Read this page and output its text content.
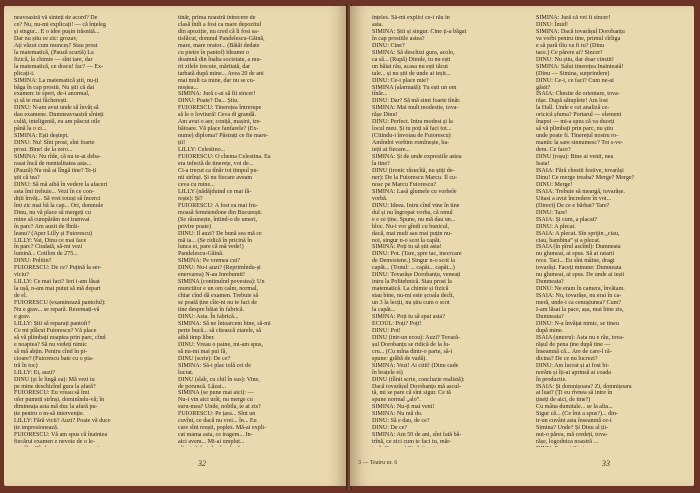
neavoastră vă sînteți de acord? De

ce? Nu, nu-mi explicați! — că înțeleg

și singur... E o idee pușin trăsnită...

Dar nu știu ce zic: grozav,

Ați văzut cum munceș? Stau prost

la matematică, (Pauză scurtă) La

fizică, la chimie — sînt tare, dar

la matematică, ce dracu! fac? — Ex-

plicați-i.

SIMINA: La matematică știi, nu-ți

băga în cap prostii. Nu știi că dai

examen: te speri, de-i anormal,

și să te mai făcherești.

DINU: N-am avut unde să învăț să

dau examene. Dumneavoastră sînteți

cultă, inteligentă, eu am păscut oile

până la o zi...

SIMINA: Ești deștept.

DINU: Nu! Sînt prost, sînt foarte

prost. Bine! de la zero...

SIMINA: Nu rîde, că nu te-ai deba-

rasat încă de mentalitatea asta...

(Pauză) Nu mă ai lîngă tine? Te-ți

știi că tea?

DINU: Să mă aibă în vedere la afaceri

asta îmi trebuie... Vezi în ce con-

diții învăț... Să vrei totuși să încerci

îmi zic mai bă la cap... Ori, domnule

Dinu, nu vă place să mergeți cu

mine să cumpărăm noi tramvai

în parc? Am auzit de Ibrăi-

leanu? (Aper Lilly și Fuiorescu)

LILLY: Vai, Dinu ce mai face

în parc? Ciudată, să-mi vezi

lumină... Cotilon de 275...

DINU: Politin?

FUIORESCU: De ce? Puțină la ser-

viciu?

LILLY: Ce mai faci? Ieri i-am lăsat

la ușă, n-am mai putut să mă depart

de el.

FUIORESCU (examinează pantoful):

Nu e grav... se repară. Rezemați-vă

e grav.

LILLY: Știi să reparați pantofi?

Ce mi plăcut Fuiorescu? Vă place

să vă plimbați noaptea prin parc, cînd

e noaptea? Să nu vedeți nimic

să mă abțin. Pentru cînd în pi-

cioare? (Fuiorescu bate cu o pia-

tră în toc)

LILLY: Ei, auzi?

DINU (și le lingă ea): Mă vezi tu

pe mine deschizînd gura la afară?

FUIORESCU: Eu vreau să îmi

ofer pumnii strînși, dominîndu-vă; în

dimineața asta mă duc la afară pu-

ție pentru o m-să intervenție.

LILLY: Fără vicii? Auzi? Poate vă duce

ție impresionează.

FUIORESCU: Vă am spus că înaintea

fiecărui examen e nevoie de o le-

tînăr, prima noastră întrecere de

clasă întîi a fost ca mare depozitul

din apoziție, nu cred că îi fost sa-

tisfăcut, domnul Pandelescu-Găină,

mare, mare orator... (Bătăi dedate

cu pietre în pantof) Ideamn o

doamnă din înalta societate, a mu-

rit zilele trecute, măritată, dar

tarbată după mine... Avea 20 de ani

mai mult ca mine, dar nu se cu-

noștea...

SIMINA: Jură c-ai să fii sincer!

DINU: Poate? Da... Știu.

FUIORESCU: Tinerețea întrerupe

să le o lovitură! Ceva di grandă.

Am avut o aer, coniță, mașini, tre-

bătoare. Vă place fanfarele? (Ex-

nume) diploma? Păstrați ce fie mare-

ții!

LILLY: Celestino...

FUIORESCU: O chema Celestina. Ea

era infectă de tinerețe, voi de...

Ci-a trecut ca tînăr tot timpul pu-

nii strînși. Și nu fiecare aveam

ceva cu mine...

LILLY (nădăjduind ce mai fă-

rește): Și?

FUIORESCU: A fost ea mai fru-

moasă femeiendone din București.

(Se răsunește, întind-o de umeri,

privire poate)

DINU: Il auzi? De bună sea mă ce

mă ia... (Se ridică în pricină în

lunca ei, pare că mă vede!)

Pandelescu-Găină.

SIMINA: Pe vremea cui?

DINU: Nu-i auzi? (Reprimîndu-și

enervarea) N-au Inrebumit!

SIMINA (continuînd povestea): Un

munctitor e un om calm, normal,

chiar cînd dă examen. Trebuie să

se poată ține cîte-ni nu te faci de

tine despre băiat în fabrică.

DINU: Asta. În fabrică...

SIMINA: Să ne întoarcem bine, să-mi

perie bucă... să citească ziarele, să

aibă timp liber.

DINU: Vreau o paine, mi-am spus,

să nu-mi mai pui fă,

DINU (scrie): De ce?

SIMINA: Să-i plac tolă cei de

lucrat.

DINU (slab, cu chil în sus): Vine,

de poruncă. Lăzat...

SIMINA (se pune mai aici): —

Nu-i vin aici urât, nu merge cu

suru-mea? Unde, nobila, te ai zis?

FUIORESCU: Pe țara... Sînt un

cuvînt, ce dacă nu vrei... în... Eu

care sînt reușit, poplez. Mă-ai expli-

cat mama asta, ce tragem... In-

aici avem... Mi-ai umplut...

32

înțeles. Să-mi explici ce-i rău în

asta.

SIMINA: Știi și singur. Cine ți-a băgat

în cap prostiile astea?

DINU: Cine?

SIMINA: Să deschizi gura, acolo,

ca să... (Rupă) Dinule, tu nu ești

un băiat rău, acasa nu ești tăcut

tale... și nu știi de unde ai ieșit...

DINU: Ce-i place mie?

SIMINA (alarmată): Tu ești un om

tînăr...

DINU: Dar? Să mă simt foarte tînăr.

SIMINA: Mai mult modestie, tova-

rășe Dinu!

DINU: Perfect. Intra modest și la

locul meu. Și tu poți să faci tot...

(Citindu-i învoiau de Fuiorescu)

Amîndoi vorbim romînește, ba-

ieții ai fiecare...

SIMINA: Și de unde expresiile astea

la tine?

DINU (ironic răsucîtă, nu știți de-

ner): De la Fuiorescu Marcu. Il cu-

nosc pe Marcu Fuiorescu?

SIMINA: Lasă glumele cu vorbele

vorbă.

DINU: Ideea. Intru cînd vine în tine

dul și nu îngropat vorba, că omul

e e ce ține. Spune, nu mă dau un...

bloc. Nu-i vor gîndi cu bunicul,

dacă, mai mult sau mai puțin nu-

noi, singur n-o scot la capăt.

SIMINA: Poți tu să știi asta!

DINU: Pot. (Tare, șpre tac, inecrcare

de Demostene.) Singur n-o scot la

capăt... (Tonul: ... capăt... capăt...)

DINU: Tovarășe Dorobanțu, veneați

intru la Politehnică. Stau prost la

matematică. La chimie și fizică

stau bine, nu-mi este școala decît,

un 3 la lecții, nu știu cum o scot

la capăt...

SIMINA: Poți tu să spui asta?

ECOUL: Poți? Poți!

DINU: Pot!

DINU (intr-un ecou): Auzi? Tovară-

șul Dorobanțu se ridică de la lu-

cru... (Cu mîna dintr-o parte, să-i

spune: grăbă de vadă).

SIMINA: Vezi! Ai citit! (Dinu cade

în brațele ei)

DINU (tîlnit scrie, concluzie realistă):

Dacă tovarășul Dorobanțu mă ascul-

tă, mi se pare că sînt sigur. Ce tă

spune normal „alo”.

SIMINA: Nu-ți mai veni!

SIMINA: Nu mă do.

DINU: Să e dau, de ce?

DINU: De ce?

SIMINA: Am 50 de ani, sînt fată bă-

trînă, ce zici cum te faci tu, măr-

SIMINA: Jură că vei fi sincer!

DINU: Îmid!

SIMINA: Dacă tovarășul Dorobanțu

va vorbi pentru tine, primul cîrliga

e să pară tîiu va fi tu? (Dinu

tace.) Ce părere ai? Sincer!

DINU: Nu știu, dar doar cinstit!

SIMINA: Salut tinerețea Inainteată!

(Dinu — Simina, surprindere)

DINU: Ce-i, ce faci? Cum ne-ai

găsit?

ISAIA: Chestie de orientare, tova-

rășe. După sătuplete! Am lost

la Hall. Unde e cei analiză ce-

oricică șfuma? Portarul — element

înapoi — mi-a spus că va duceți

să vă plimbați prin parc, nu știu

unde poate fi. Tinerețul nostru ro-

mantic la sare sinnumesc? Tot s-ve-

dem. Ce face?

DINU (roșu): Bine ai venit, nea

Isaia!

ISAIA: Fără chestii festive, tovarăși

Dinu! Ce merge treaba? Merge? Merge?

DINU: Merge!

ISAIA: Trebuie să meargă, tovarășe.

Uitasi a avut încredere în voi...

(Direct) De ce e bărbat? Tare?

DINU: Tare!

ISAIA: Și cum, a placat?

DINU: A plecat.

ISAIA: A plecat. Sîn sprijin „ciau,

ciau, bambina” și a plecat.

ISAIA (în pîrul ascînd): Dumneata

nu glumeai, ai spus. Să ai ratarii

rece. Taci... Eu sînt mâine, dragi

tovarăși. Faceți minune: Dumneata

nu glumeai, ai spus. De unde ai ieșit

Dumneata?

DINU: Ne eram în camera, învătam.

ISAIA: Nu, tovarășe, nu erai în ca-

meră, unde-i ca cenușiunea? Cum?

I-am lăsat la pace, așa, mai bine zis,

Dumneata?

DINU: N-a învățat nimic, se tineu

după mine.

ISAIA (umoru): Asta nu e rău, tova-

rășul de pena ține după tine —

înseamnă că... Are de care-l ră-

dicina? De ce nu lucrezi?

DINU: Am lucrat și ai fost bi-

norăm și îți-ai aprinsă ai coada

în productie.

ISAIA: Și domnișoara? Zi, domnișoara

ai luat? (Ți eu rîvnea să intre în

țineți de aici, de tine?)

Cu mâna dumitale... se la alta...

Sigur că... (Ce îmi a spus?)... din-

tr-un cuvânt asta înseamnă ce-i

Simina? Unde? Și Dinu al ții-

nut-o părea, mă credeți, tova-

rășe, logodnica noastră ...

3 — Teatru nr. 6	33
